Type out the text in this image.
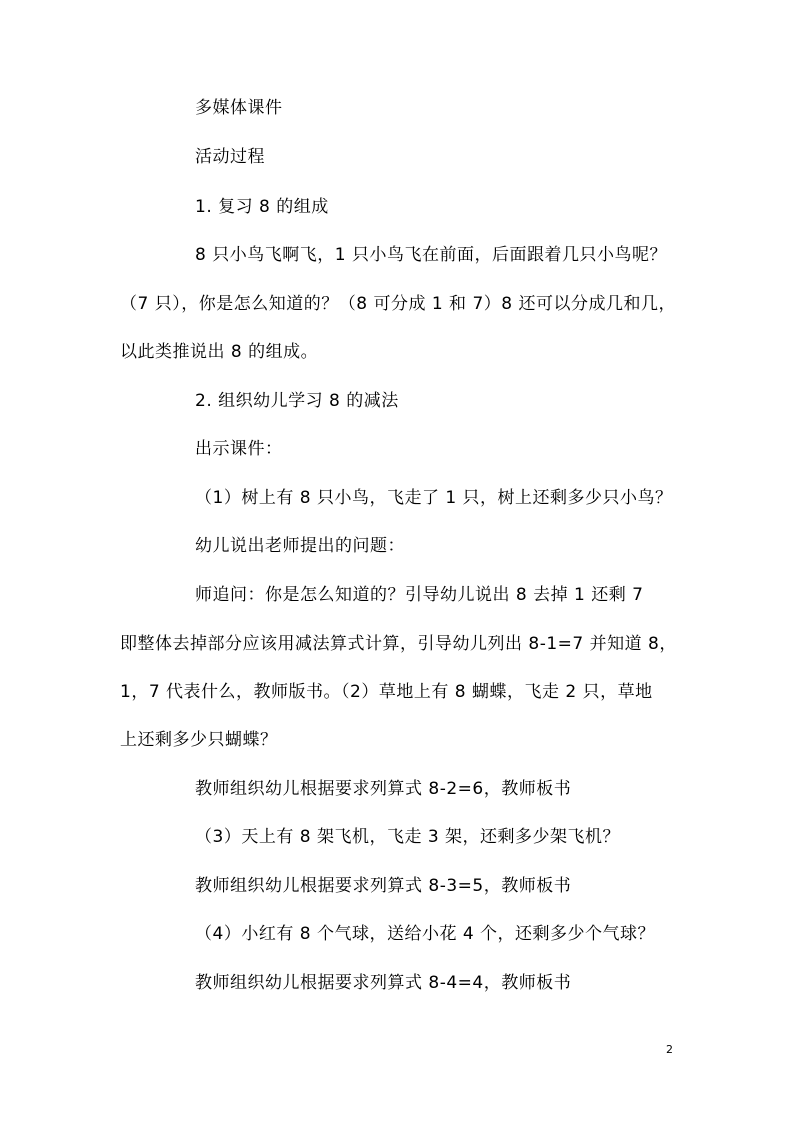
多媒体课件
活动过程
1. 复习 8 的组成
8 只小鸟飞啊飞，1 只小鸟飞在前面，后面跟着几只小鸟呢？
（7 只），你是怎么知道的？（8 可分成 1 和 7）8 还可以分成几和几，
以此类推说出 8 的组成。
2. 组织幼儿学习 8 的减法
出示课件：
（1）树上有 8 只小鸟，飞走了 1 只，树上还剩多少只小鸟？
幼儿说出老师提出的问题：
师追问：你是怎么知道的？引导幼儿说出 8 去掉 1 还剩 7
即整体去掉部分应该用减法算式计算，引导幼儿列出 8-1=7 并知道 8，
1，7 代表什么，教师版书。（2）草地上有 8 蝴蝶，飞走 2 只，草地
上还剩多少只蝴蝶？
教师组织幼儿根据要求列算式 8-2=6，教师板书
（3）天上有 8 架飞机，飞走 3 架，还剩多少架飞机？
教师组织幼儿根据要求列算式 8-3=5，教师板书
（4）小红有 8 个气球，送给小花 4 个，还剩多少个气球？
教师组织幼儿根据要求列算式 8-4=4，教师板书
2
